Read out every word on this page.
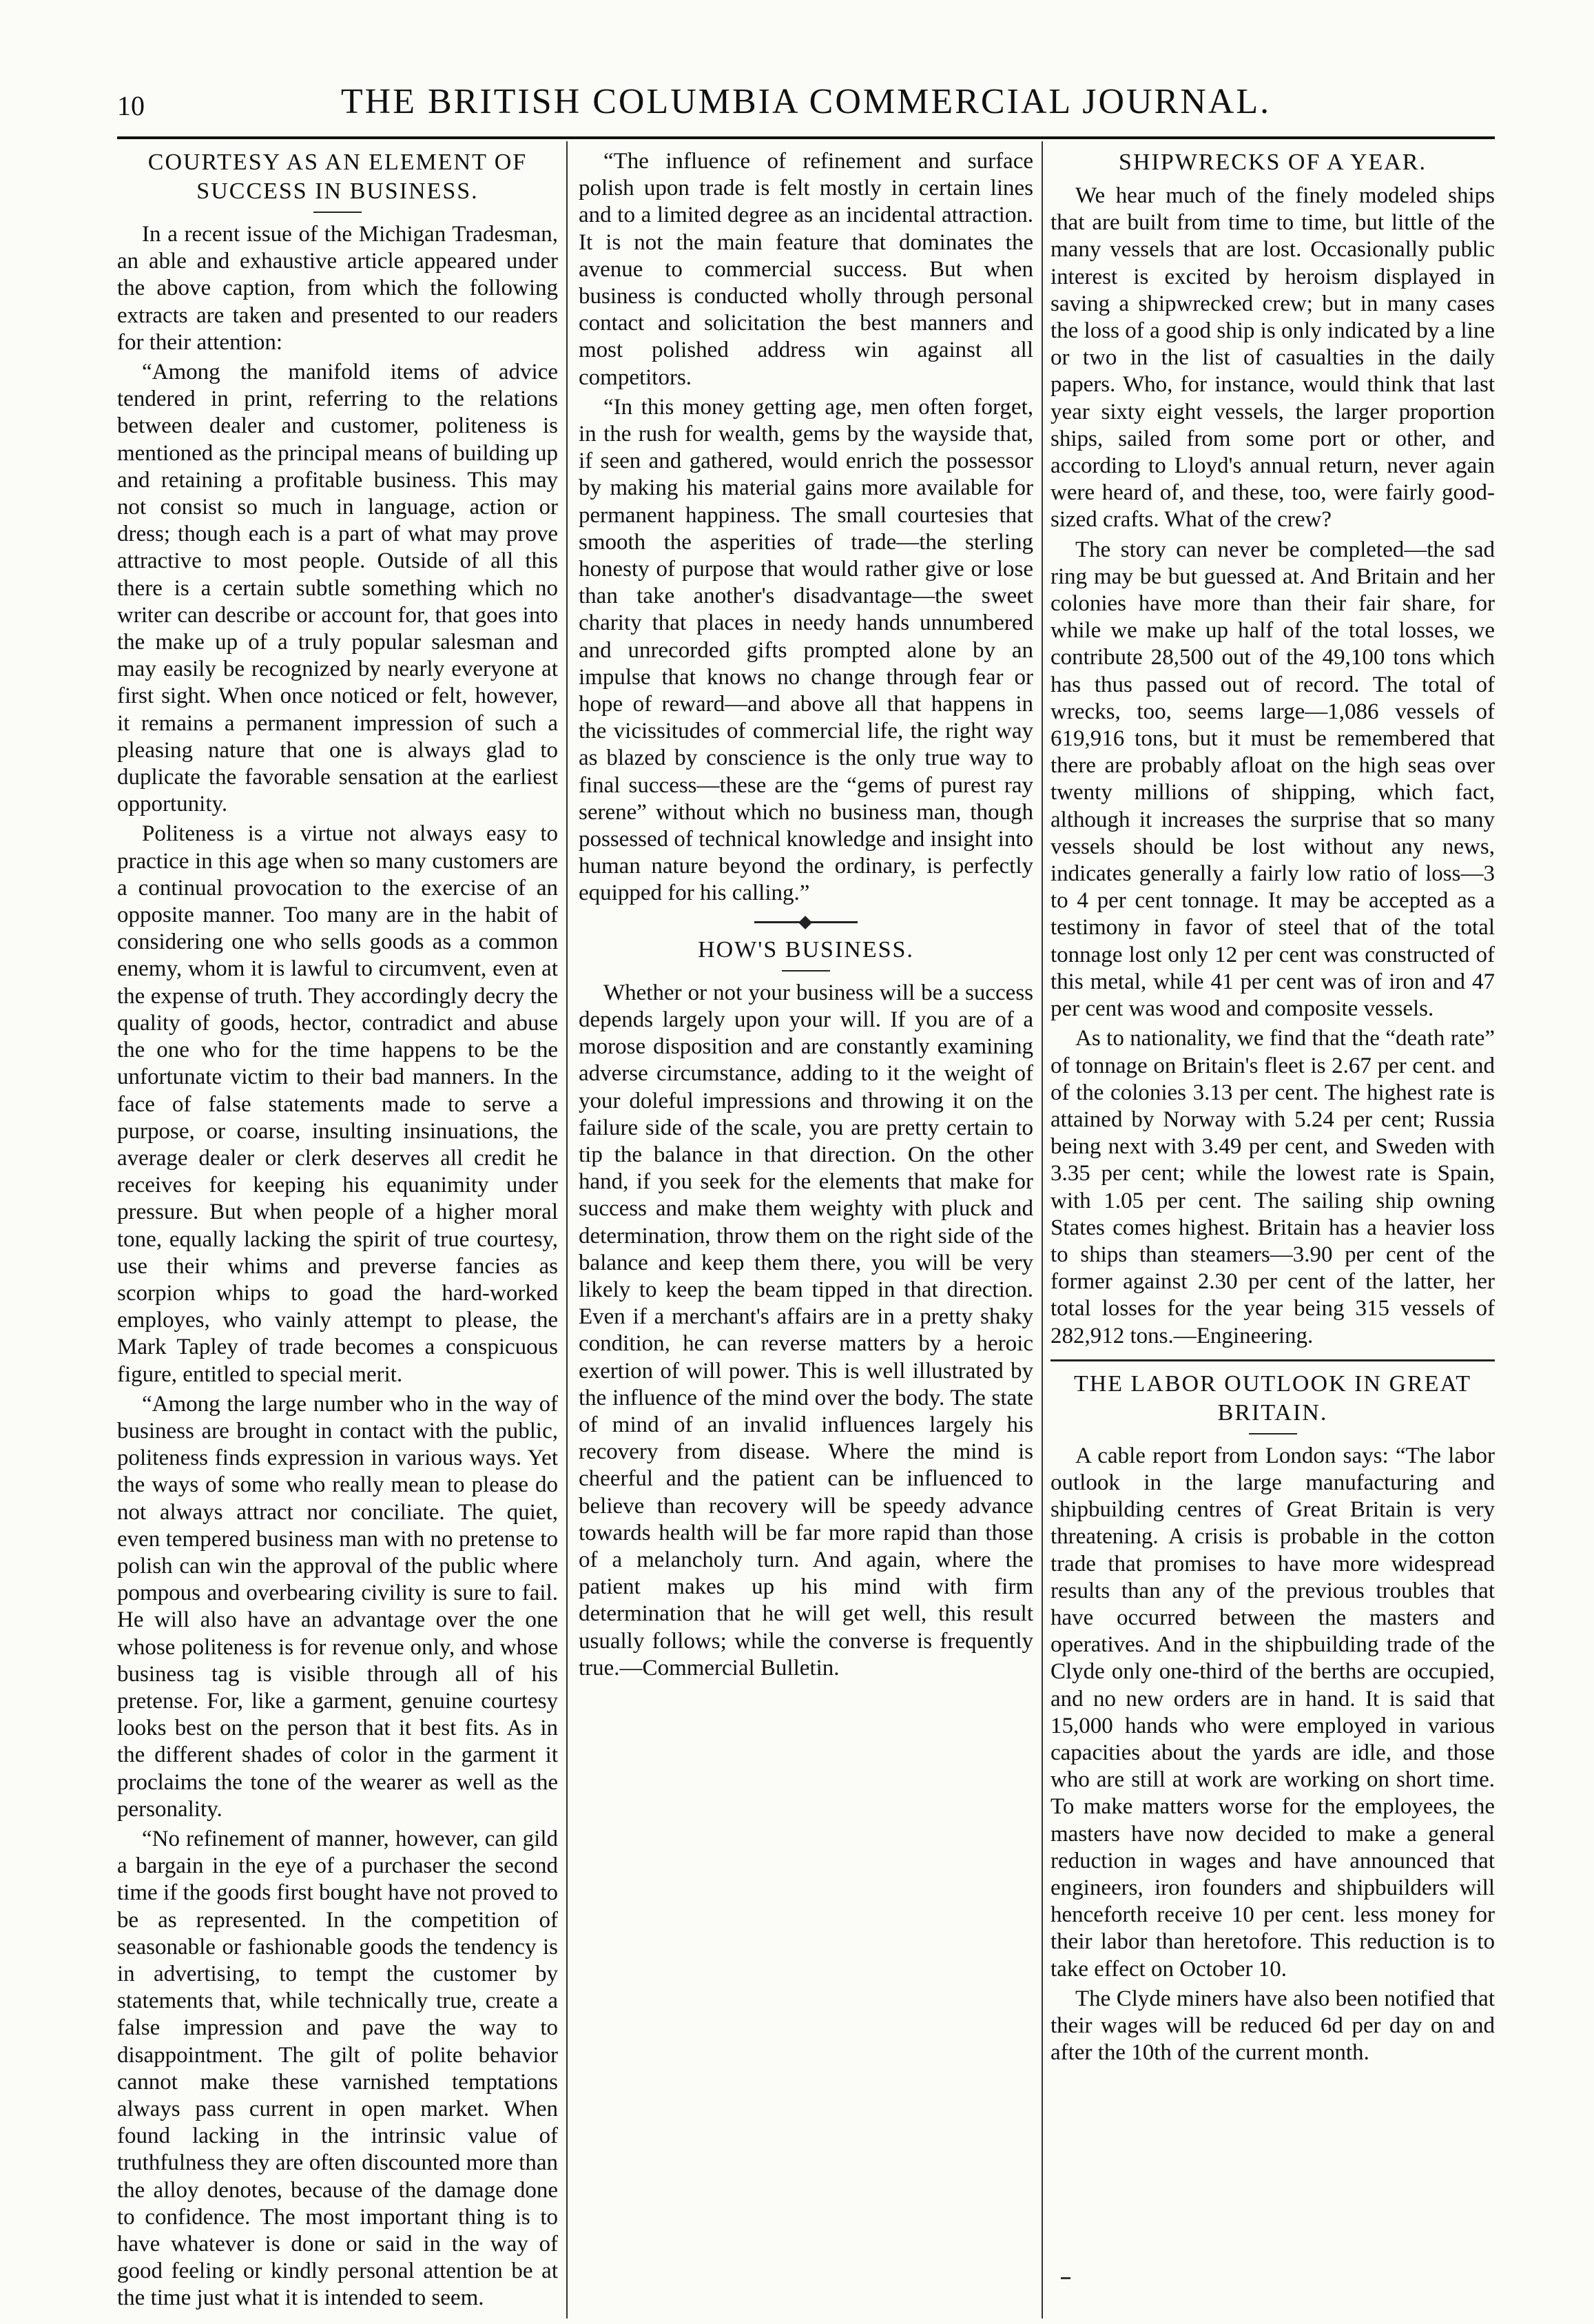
10	THE BRITISH COLUMBIA COMMERCIAL JOURNAL.
COURTESY AS AN ELEMENT OF SUCCESS IN BUSINESS.

In a recent issue of the Michigan Tradesman, an able and exhaustive article appeared under the above caption, from which the following extracts are taken and presented to our readers for their attention:

“Among the manifold items of advice tendered in print, referring to the relations between dealer and customer, politeness is mentioned as the principal means of building up and retaining a profitable business. This may not consist so much in language, action or dress; though each is a part of what may prove attractive to most people. Outside of all this there is a certain subtle something which no writer can describe or account for, that goes into the make up of a truly popular salesman and may easily be recognized by nearly everyone at first sight. When once noticed or felt, however, it remains a permanent impression of such a pleasing nature that one is always glad to duplicate the favorable sensation at the earliest opportunity.

Politeness is a virtue not always easy to practice in this age when so many customers are a continual provocation to the exercise of an opposite manner. Too many are in the habit of considering one who sells goods as a common enemy, whom it is lawful to circumvent, even at the expense of truth. They accordingly decry the quality of goods, hector, contradict and abuse the one who for the time happens to be the unfortunate victim to their bad manners. In the face of false statements made to serve a purpose, or coarse, insulting insinuations, the average dealer or clerk deserves all credit he receives for keeping his equanimity under pressure. But when people of a higher moral tone, equally lacking the spirit of true courtesy, use their whims and preverse fancies as scorpion whips to goad the hard-worked employes, who vainly attempt to please, the Mark Tapley of trade becomes a conspicuous figure, entitled to special merit.

“Among the large number who in the way of business are brought in contact with the public, politeness finds expression in various ways. Yet the ways of some who really mean to please do not always attract nor conciliate. The quiet, even tempered business man with no pretense to polish can win the approval of the public where pompous and overbearing civility is sure to fail. He will also have an advantage over the one whose politeness is for revenue only, and whose business tag is visible through all of his pretense. For, like a garment, genuine courtesy looks best on the person that it best fits. As in the different shades of color in the garment it proclaims the tone of the wearer as well as the personality.

“No refinement of manner, however, can gild a bargain in the eye of a purchaser the second time if the goods first bought have not proved to be as represented. In the competition of seasonable or fashionable goods the tendency is in advertising, to tempt the customer by statements that, while technically true, create a false impression and pave the way to disappointment. The gilt of polite behavior cannot make these varnished temptations always pass current in open market. When found lacking in the intrinsic value of truthfulness they are often discounted more than the alloy denotes, because of the damage done to confidence. The most important thing is to have whatever is done or said in the way of good feeling or kindly personal attention be at the time just what it is intended to seem.

“The influence of refinement and surface polish upon trade is felt mostly in certain lines and to a limited degree as an incidental attraction. It is not the main feature that dominates the avenue to commercial success. But when business is conducted wholly through personal contact and solicitation the best manners and most polished address win against all competitors.

“In this money getting age, men often forget, in the rush for wealth, gems by the wayside that, if seen and gathered, would enrich the possessor by making his material gains more available for permanent happiness. The small courtesies that smooth the asperities of trade—the sterling honesty of purpose that would rather give or lose than take another's disadvantage—the sweet charity that places in needy hands unnumbered and unrecorded gifts prompted alone by an impulse that knows no change through fear or hope of reward—and above all that happens in the vicissitudes of commercial life, the right way as blazed by conscience is the only true way to final success—these are the “gems of purest ray serene” without which no business man, though possessed of technical knowledge and insight into human nature beyond the ordinary, is perfectly equipped for his calling.”

HOW'S BUSINESS.

Whether or not your business will be a success depends largely upon your will. If you are of a morose disposition and are constantly examining adverse circumstance, adding to it the weight of your doleful impressions and throwing it on the failure side of the scale, you are pretty certain to tip the balance in that direction. On the other hand, if you seek for the elements that make for success and make them weighty with pluck and determination, throw them on the right side of the balance and keep them there, you will be very likely to keep the beam tipped in that direction. Even if a merchant's affairs are in a pretty shaky condition, he can reverse matters by a heroic exertion of will power. This is well illustrated by the influence of the mind over the body. The state of mind of an invalid influences largely his recovery from disease. Where the mind is cheerful and the patient can be influenced to believe than recovery will be speedy advance towards health will be far more rapid than those of a melancholy turn. And again, where the patient makes up his mind with firm determination that he will get well, this result usually follows; while the converse is frequently true.—Commercial Bulletin.

SHIPWRECKS OF A YEAR.

We hear much of the finely modeled ships that are built from time to time, but little of the many vessels that are lost. Occasionally public interest is excited by heroism displayed in saving a shipwrecked crew; but in many cases the loss of a good ship is only indicated by a line or two in the list of casualties in the daily papers. Who, for instance, would think that last year sixty eight vessels, the larger proportion ships, sailed from some port or other, and according to Lloyd's annual return, never again were heard of, and these, too, were fairly good-sized crafts. What of the crew?

The story can never be completed—the sad ring may be but guessed at. And Britain and her colonies have more than their fair share, for while we make up half of the total losses, we contribute 28,500 out of the 49,100 tons which has thus passed out of record. The total of wrecks, too, seems large—1,086 vessels of 619,916 tons, but it must be remembered that there are probably afloat on the high seas over twenty millions of shipping, which fact, although it increases the surprise that so many vessels should be lost without any news, indicates generally a fairly low ratio of loss—3 to 4 per cent tonnage. It may be accepted as a testimony in favor of steel that of the total tonnage lost only 12 per cent was constructed of this metal, while 41 per cent was of iron and 47 per cent was wood and composite vessels.

As to nationality, we find that the “death rate” of tonnage on Britain's fleet is 2.67 per cent. and of the colonies 3.13 per cent. The highest rate is attained by Norway with 5.24 per cent; Russia being next with 3.49 per cent, and Sweden with 3.35 per cent; while the lowest rate is Spain, with 1.05 per cent. The sailing ship owning States comes highest. Britain has a heavier loss to ships than steamers—3.90 per cent of the former against 2.30 per cent of the latter, her total losses for the year being 315 vessels of 282,912 tons.—Engineering.

THE LABOR OUTLOOK IN GREAT BRITAIN.

A cable report from London says: “The labor outlook in the large manufacturing and shipbuilding centres of Great Britain is very threatening. A crisis is probable in the cotton trade that promises to have more widespread results than any of the previous troubles that have occurred between the masters and operatives. And in the shipbuilding trade of the Clyde only one-third of the berths are occupied, and no new orders are in hand. It is said that 15,000 hands who were employed in various capacities about the yards are idle, and those who are still at work are working on short time. To make matters worse for the employees, the masters have now decided to make a general reduction in wages and have announced that engineers, iron founders and shipbuilders will henceforth receive 10 per cent. less money for their labor than heretofore. This reduction is to take effect on October 10.

The Clyde miners have also been notified that their wages will be reduced 6d per day on and after the 10th of the current month.
